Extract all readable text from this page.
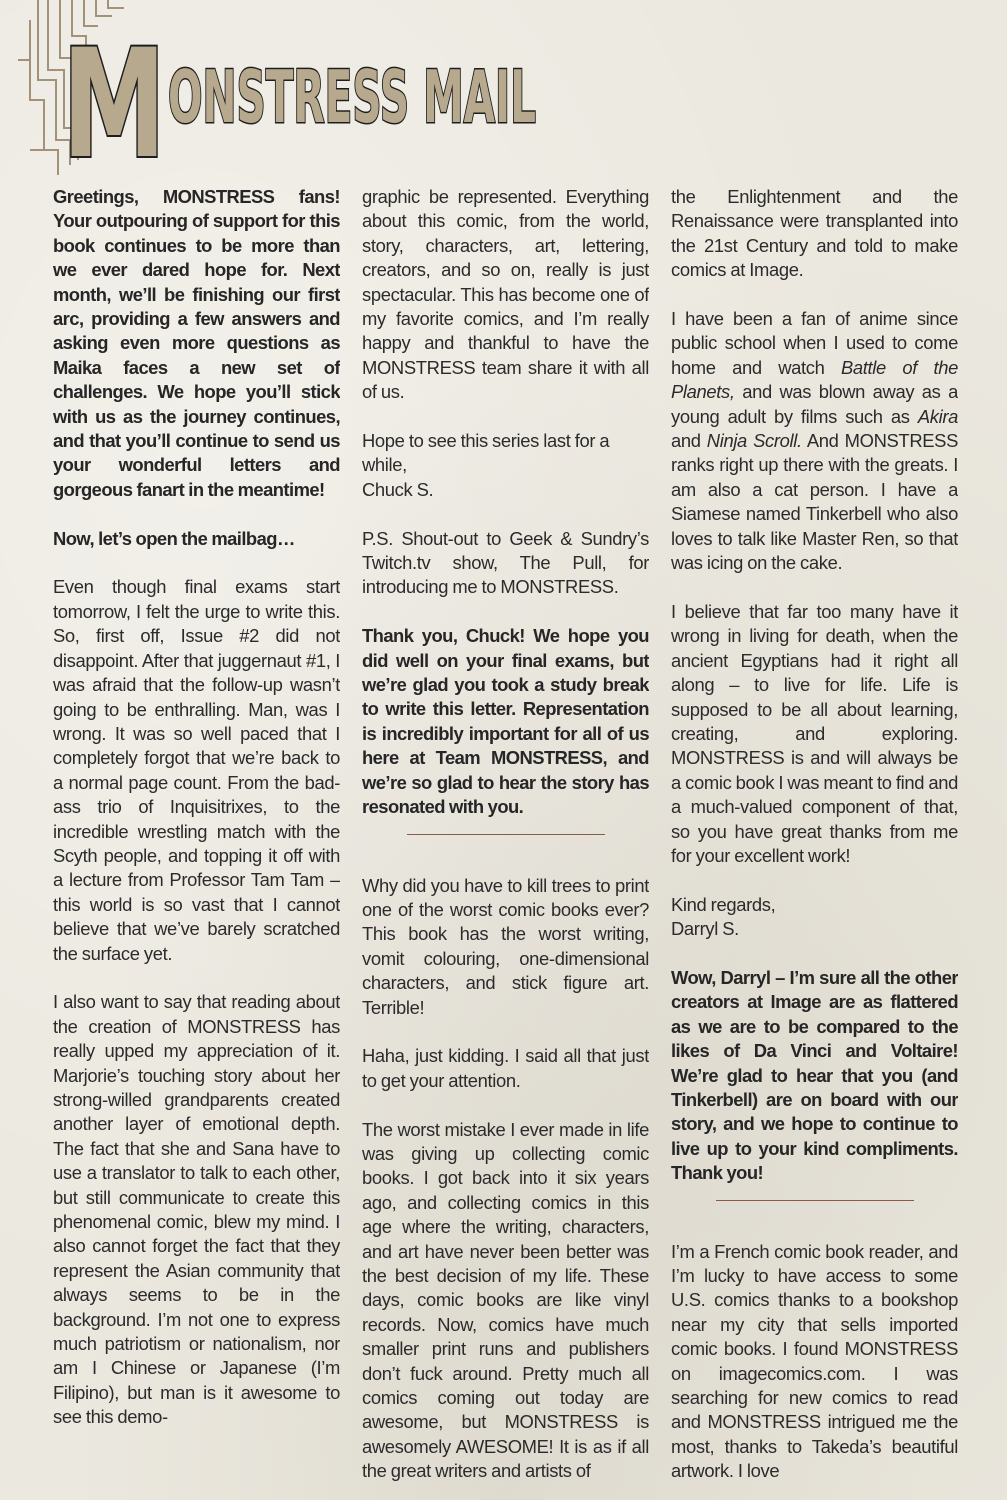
M ONSTRESS MAIL

Greetings, MONSTRESS fans! Your outpouring of support for this book continues to be more than we ever dared hope for. Next month, we’ll be finishing our first arc, providing a few answers and asking even more questions as Maika faces a new set of challenges. We hope you’ll stick with us as the journey continues, and that you’ll continue to send us your wonderful letters and gorgeous fanart in the meantime!

Now, let’s open the mailbag…

Even though final exams start tomorrow, I felt the urge to write this. So, first off, Issue #2 did not disappoint. After that juggernaut #1, I was afraid that the follow-up wasn’t going to be enthralling. Man, was I wrong. It was so well paced that I completely forgot that we’re back to a normal page count. From the bad-ass trio of Inquisitrixes, to the incredible wrestling match with the Scyth people, and topping it off with a lecture from Professor Tam Tam – this world is so vast that I cannot believe that we’ve barely scratched the surface yet.

I also want to say that reading about the creation of MONSTRESS has really upped my appreciation of it. Marjorie’s touching story about her strong-willed grandparents created another layer of emotional depth. The fact that she and Sana have to use a translator to talk to each other, but still communicate to create this phenomenal comic, blew my mind. I also cannot forget the fact that they represent the Asian community that always seems to be in the background. I’m not one to express much patriotism or nationalism, nor am I Chinese or Japanese (I’m Filipino), but man is it awesome to see this demo-

graphic be represented. Everything about this comic, from the world, story, characters, art, lettering, creators, and so on, really is just spectacular. This has become one of my favorite comics, and I’m really happy and thankful to have the MONSTRESS team share it with all of us.

Hope to see this series last for a while,

Chuck S.

P.S. Shout-out to Geek & Sundry’s Twitch.tv show, The Pull, for introducing me to MONSTRESS.

Thank you, Chuck! We hope you did well on your final exams, but we’re glad you took a study break to write this letter. Representation is incredibly important for all of us here at Team MONSTRESS, and we’re so glad to hear the story has resonated with you.

Why did you have to kill trees to print one of the worst comic books ever? This book has the worst writing, vomit colouring, one-dimensional characters, and stick figure art. Terrible!

Haha, just kidding. I said all that just to get your attention.

The worst mistake I ever made in life was giving up collecting comic books. I got back into it six years ago, and collecting comics in this age where the writing, characters, and art have never been better was the best decision of my life. These days, comic books are like vinyl records. Now, comics have much smaller print runs and publishers don’t fuck around. Pretty much all comics coming out today are awesome, but MONSTRESS is awesomely AWESOME! It is as if all the great writers and artists of

the Enlightenment and the Renaissance were transplanted into the 21st Century and told to make comics at Image.

I have been a fan of anime since public school when I used to come home and watch Battle of the Planets, and was blown away as a young adult by films such as Akira and Ninja Scroll. And MONSTRESS ranks right up there with the greats. I am also a cat person. I have a Siamese named Tinkerbell who also loves to talk like Master Ren, so that was icing on the cake.

I believe that far too many have it wrong in living for death, when the ancient Egyptians had it right all along – to live for life. Life is supposed to be all about learning, creating, and exploring. MONSTRESS is and will always be a comic book I was meant to find and a much-valued component of that, so you have great thanks from me for your excellent work!

Kind regards,

Darryl S.

Wow, Darryl – I’m sure all the other creators at Image are as flattered as we are to be compared to the likes of Da Vinci and Voltaire! We’re glad to hear that you (and Tinkerbell) are on board with our story, and we hope to continue to live up to your kind compliments. Thank you!

I’m a French comic book reader, and I’m lucky to have access to some U.S. comics thanks to a bookshop near my city that sells imported comic books. I found MONSTRESS on imagecomics.com. I was searching for new comics to read and MONSTRESS intrigued me the most, thanks to Takeda’s beautiful artwork. I love
